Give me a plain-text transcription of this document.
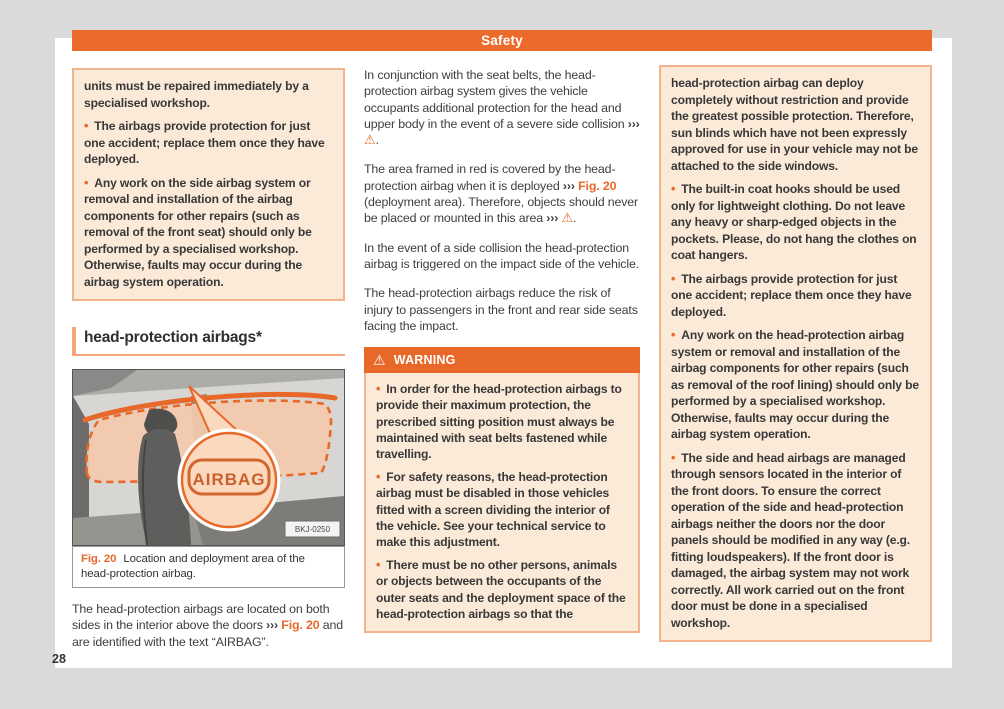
Safety

units must be repaired immediately by a specialised workshop.

• The airbags provide protection for just one accident; replace them once they have deployed.

• Any work on the side airbag system or removal and installation of the airbag components for other repairs (such as removal of the front seat) should only be performed by a specialised workshop. Otherwise, faults may occur during the airbag system operation.

head-protection airbags*
AIRBAG
BKJ-0250
Fig. 20 Location and deployment area of the head-protection airbag.

The head-protection airbags are located on both sides in the interior above the doors ››› Fig. 20 and are identified with the text “AIRBAG”.

In conjunction with the seat belts, the head-protection airbag system gives the vehicle occupants additional protection for the head and upper body in the event of a severe side collision ››› ⚠.

The area framed in red is covered by the head-protection airbag when it is deployed ››› Fig. 20 (deployment area). Therefore, objects should never be placed or mounted in this area ››› ⚠.

In the event of a side collision the head-protection airbag is triggered on the impact side of the vehicle.

The head-protection airbags reduce the risk of injury to passengers in the front and rear side seats facing the impact.

⚠ WARNING

• In order for the head-protection airbags to provide their maximum protection, the prescribed sitting position must always be maintained with seat belts fastened while travelling.

• For safety reasons, the head-protection airbag must be disabled in those vehicles fitted with a screen dividing the interior of the vehicle. See your technical service to make this adjustment.

• There must be no other persons, animals or objects between the occupants of the outer seats and the deployment space of the head-protection airbags so that the

head-protection airbag can deploy completely without restriction and provide the greatest possible protection. Therefore, sun blinds which have not been expressly approved for use in your vehicle may not be attached to the side windows.

• The built-in coat hooks should be used only for lightweight clothing. Do not leave any heavy or sharp-edged objects in the pockets. Please, do not hang the clothes on coat hangers.

• The airbags provide protection for just one accident; replace them once they have deployed.

• Any work on the head-protection airbag system or removal and installation of the airbag components for other repairs (such as removal of the roof lining) should only be performed by a specialised workshop. Otherwise, faults may occur during the airbag system operation.

• The side and head airbags are managed through sensors located in the interior of the front doors. To ensure the correct operation of the side and head-protection airbags neither the doors nor the door panels should be modified in any way (e.g. fitting loudspeakers). If the front door is damaged, the airbag system may not work correctly. All work carried out on the front door must be done in a specialised workshop.

28
